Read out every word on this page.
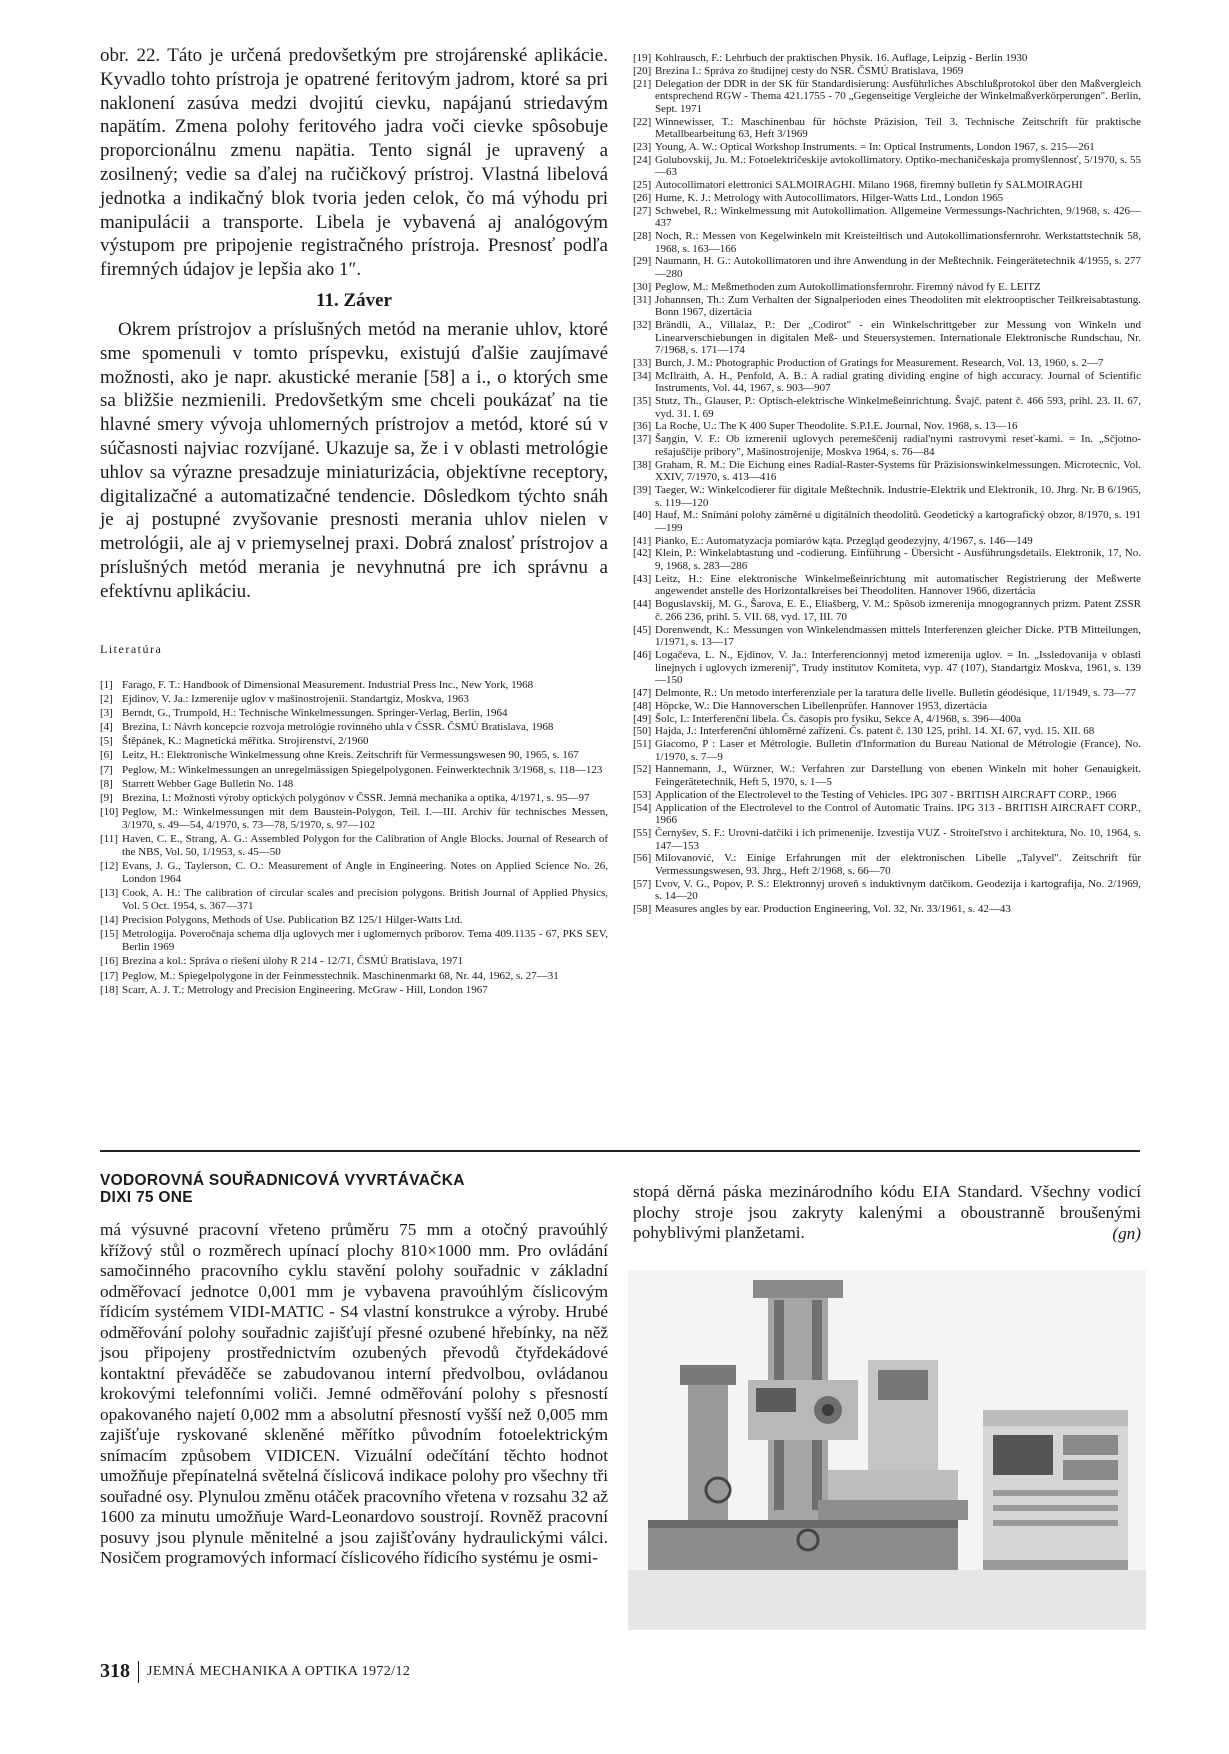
obr. 22. Táto je určená predovšetkým pre strojárenské aplikácie. Kyvadlo tohto prístroja je opatrené feritovým jadrom, ktoré sa pri naklonení zasúva medzi dvojitú cievku, napájanú striedavým napätím. Zmena polohy feritového jadra voči cievke spôsobuje proporcionálnu zmenu napätia. Tento signál je upravený a zosilnený; vedie sa ďalej na ručičkový prístroj. Vlastná libelová jednotka a indikačný blok tvoria jeden celok, čo má výhodu pri manipulácii a transporte. Libela je vybavená aj analógovým výstupom pre pripojenie registračného prístroja. Presnosť podľa firemných údajov je lepšia ako 1″.

11. Záver

Okrem prístrojov a príslušných metód na meranie uhlov, ktoré sme spomenuli v tomto príspevku, existujú ďalšie zaujímavé možnosti, ako je napr. akustické meranie [58] a i., o ktorých sme sa bližšie nezmienili. Predovšetkým sme chceli poukázať na tie hlavné smery vývoja uhlomerných prístrojov a metód, ktoré sú v súčasnosti najviac rozvíjané. Ukazuje sa, že i v oblasti metrológie uhlov sa výrazne presadzuje miniaturizácia, objektívne receptory, digitalizačné a automatizačné tendencie. Dôsledkom týchto snáh je aj postupné zvyšovanie presnosti merania uhlov nielen v metrológii, ale aj v priemyselnej praxi. Dobrá znalosť prístrojov a príslušných metód merania je nevyhnutná pre ich správnu a efektívnu aplikáciu.

Literatúra
[1] Farago, F. T.: Handbook of Dimensional Measurement. Industrial Press Inc., New York, 1968
[2] Ejdinov, V. Ja.: Izmerenije uglov v mašinostrojenii. Standartgiz, Moskva, 1963
[3] Berndt, G., Trumpold, H.: Technische Winkelmessungen. Springer-Verlag, Berlin, 1964
[4] Brezina, I.: Návrh koncepcie rozvoja metrológie rovinného uhla v ČSSR. ČSMÚ Bratislava, 1968
[5] Štěpánek, K.: Magnetická měřítka. Strojírenství, 2/1960
[6] Leitz, H.: Elektronische Winkelmessung ohne Kreis. Zeitschrift für Vermessungswesen 90, 1965, s. 167
[7] Peglow, M.: Winkelmessungen an unregelmässigen Spiegelpolygonen. Feinwerktechnik 3/1968, s. 118—123
[8] Starrett Webber Gage Bulletin No. 148
[9] Brezina, I.: Možnosti výroby optických polygónov v ČSSR. Jemná mechanika a optika, 4/1971, s. 95—97
[10] Peglow, M.: Winkelmessungen mit dem Baustein-Polygon, Teil. I.—III. Archiv für technisches Messen, 3/1970, s. 49—54, 4/1970, s. 73—78, 5/1970, s. 97—102
[11] Haven, C. E., Strang, A. G.: Assembled Polygon for the Calibration of Angle Blocks. Journal of Research of the NBS, Vol. 50, 1/1953, s. 45—50
[12] Evans, J. G., Taylerson, C. O.: Measurement of Angle in Engineering. Notes on Applied Science No. 26, London 1964
[13] Cook, A. H.: The calibration of circular scales and precision polygons. British Journal of Applied Physics, Vol. 5 Oct. 1954, s. 367—371
[14] Precision Polygons, Methods of Use. Publication BZ 125/1 Hilger-Watts Ltd.
[15] Metrologija. Poveročnaja schema dlja uglovych mer i uglomernych priborov. Tema 409.1135 - 67, PKS SEV, Berlin 1969
[16] Brezina a kol.: Správa o riešení úlohy R 214 - 12/71, ČSMÚ Bratislava, 1971
[17] Peglow, M.: Spiegelpolygone in der Feinmesstechnik. Maschinenmarkt 68, Nr. 44, 1962, s. 27—31
[18] Scarr, A. J. T.: Metrology and Precision Engineering. McGraw - Hill, London 1967
[19] Kohlrausch, F.: Lehrbuch der praktischen Physik. 16. Auflage, Leipzig - Berlin 1930
[20] Brezina I.: Správa zo študijnej cesty do NSR. ČSMÚ Bratislava, 1969
[21] Delegation der DDR in der SK für Standardisierung: Ausführliches Abschlußprotokol über den Maßvergleich entsprechend RGW - Thema 421.1755 - 70 „Gegenseitige Vergleiche der Winkelmaßverkörperungen". Berlin, Sept. 1971
[22] Winnewisser, T.: Maschinenbau für höchste Präzision, Teil 3. Technische Zeitschrift für praktische Metallbearbeitung 63, Heft 3/1969
[23] Young, A. W.: Optical Workshop Instruments. = In: Optical Instruments, London 1967, s. 215—261
[24] Golubovskij, Ju. M.: Fotoelektričeskije avtokollimatory. Optiko-mechaničeskaja promyšlennosť, 5/1970, s. 55—63
[25] Autocollimatori elettronici SALMOIRAGHI. Milano 1968, firemný bulletin fy SALMOIRAGHI
[26] Hume, K. J.: Metrology with Autocollimators. Hilger-Watts Ltd., London 1965
[27] Schwebel, R.: Winkelmessung mit Autokollimation. Allgemeine Vermessungs-Nachrichten, 9/1968, s. 426—437
[28] Noch, R.: Messen von Kegelwinkeln mit Kreisteiltisch und Autokollimationsfernrohr. Werkstattstechnik 58, 1968, s. 163—166
[29] Naumann, H. G.: Autokollimatoren und ihre Anwendung in der Meßtechnik. Feingerätetechnik 4/1955, s. 277—280
[30] Peglow, M.: Meßmethoden zum Autokollimationsfernrohr. Firemný návod fy E. LEITZ
[31] Johannsen, Th.: Zum Verhalten der Signalperioden eines Theodoliten mit elektrooptischer Teilkreisabtastung. Bonn 1967, dizertácia
[32] Brändli, A., Villalaz, P.: Der „Codirot" - ein Winkelschrittgeber zur Messung von Winkeln und Linearverschiebungen in digitalen Meß- und Steuersystemen. Internationale Elektronische Rundschau, Nr. 7/1968, s. 171—174
[33] Burch, J. M.: Photographic Production of Gratings for Measurement. Research, Vol. 13, 1960, s. 2—7
[34] McIlraith, A. H., Penfold, A. B.: A radial grating dividing engine of high accuracy. Journal of Scientific Instruments, Vol. 44, 1967, s. 903—907
[35] Stutz, Th., Glauser, P.: Optisch-elektrische Winkelmeßeinrichtung. Švajč. patent č. 466 593, prihl. 23. II. 67, vyd. 31. I. 69
[36] La Roche, U.: The K 400 Super Theodolite. S.P.I.E. Journal, Nov. 1968, s. 13—16
[37] Šaŋgin, V. F.: Ob izmerenii uglovych peremeščenij radial'nymi rastrovymi reseť-kami. = In. „Sčjotno-rešajuščije pribory", Mašinostrojenije, Moskva 1964, s. 76—84
[38] Graham, R. M.: Die Eichung eines Radial-Raster-Systems für Präzisionswinkelmessungen. Microtecnic, Vol. XXIV, 7/1970, s. 413—416
[39] Taeger, W.: Winkelcodierer für digitale Meßtechnik. Industrie-Elektrik und Elektronik, 10. Jhrg. Nr. B 6/1965, s. 119—120
[40] Hauf, M.: Snímání polohy záměrné u digitálních theodolitů. Geodetický a kartografický obzor, 8/1970, s. 191—199
[41] Pianko, E.: Automatyzacja pomiarów kąta. Przegląd geodezyjny, 4/1967, s. 146—149
[42] Klein, P.: Winkelabtastung und -codierung. Einführung - Übersicht - Ausführungsdetails. Elektronik, 17, No. 9, 1968, s. 283—286
[43] Leitz, H.: Eine elektronische Winkelmeßeinrichtung mit automatischer Registrierung der Meßwerte angewendet anstelle des Horizontalkreises bei Theodoliten. Hannover 1966, dizertácia
[44] Boguslavskij, M. G., Šarova, E. E., Eliašberg, V. M.: Spôsob izmerenija mnogogrannych prizm. Patent ZSSR č. 266 236, prihl. 5. VII. 68, vyd. 17, III. 70
[45] Dorenwendt, K.: Messungen von Winkelendmassen mittels Interferenzen gleicher Dicke. PTB Mitteilungen, 1/1971, s. 13—17
[46] Logačeva, L. N., Ejdinov, V. Ja.: Interferencionnyj metod izmerenija uglov. = In. „Issledovanija v oblasti linejnych i uglovych izmerenij", Trudy institutov Komiteta, vyp. 47 (107), Standartgiz Moskva, 1961, s. 139—150
[47] Delmonte, R.: Un metodo interferenziale per la taratura delle livelle. Bulletin géodésique, 11/1949, s. 73—77
[48] Höpcke, W.: Die Hannoverschen Libellenprüfer. Hannover 1953, dizertácia
[49] Šolc, I.: Interferenční libela. Čs. časopis pro fysiku, Sekce A, 4/1968, s. 396—400a
[50] Hajda, J.: Interferenční úhloměrné zařízení. Čs. patent č. 130 125, prihl. 14. XI. 67, vyd. 15. XII. 68
[51] Giacomo, P : Laser et Métrologie. Bulletin d'Information du Bureau National de Métrologie (France), No. 1/1970, s. 7—9
[52] Hannemann, J., Würzner, W.: Verfahren zur Darstellung von ebenen Winkeln mit hoher Genauigkeit. Feingerätetechnik, Heft 5, 1970, s. 1—5
[53] Application of the Electrolevel to the Testing of Vehicles. IPG 307 - BRITISH AIRCRAFT CORP., 1966
[54] Application of the Electrolevel to the Control of Automatic Trains. IPG 313 - BRITISH AIRCRAFT CORP., 1966
[55] Černyšev, S. F.: Urovni-datčiki i ich primenenije. Izvestija VUZ - Stroiteľstvo i architektura, No. 10, 1964, s. 147—153
[56] Milovanović, V.: Einige Erfahrungen mit der elektronischen Libelle „Talyvel". Zeitschrift für Vermessungswesen, 93. Jhrg., Heft 2/1968, s. 66—70
[57] Ľvov, V. G., Popov, P. S.: Elektronnyj uroveň s induktivnym datčikom. Geodezija i kartografija, No. 2/1969, s. 14—20
[58] Measures angles by ear. Production Engineering, Vol. 32, Nr. 33/1961, s. 42—43
VODOROVNÁ SOUŘADNICOVÁ VYVRTÁVAČKA
DIXI 75 ONE

má výsuvné pracovní vřeteno průměru 75 mm a otočný pravoúhlý křížový stůl o rozměrech upínací plochy 810×1000 mm. Pro ovládání samočinného pracovního cyklu stavění polohy souřadnic v základní odměřovací jednotce 0,001 mm je vybavena pravoúhlým číslicovým řídicím systémem VIDI-MATIC - S4 vlastní konstrukce a výroby. Hrubé odměřování polohy souřadnic zajišťují přesné ozubené hřebínky, na něž jsou připojeny prostřednictvím ozubených převodů čtyřdekádové kontaktní převáděče se zabudovanou interní předvolbou, ovládanou krokovými telefonními voliči. Jemné odměřování polohy s přesností opakovaného najetí 0,002 mm a absolutní přesností vyšší než 0,005 mm zajišťuje ryskované skleněné měřítko původním fotoelektrickým snímacím způsobem VIDICEN. Vizuální odečítání těchto hodnot umožňuje přepínatelná světelná číslicová indikace polohy pro všechny tři souřadné osy. Plynulou změnu otáček pracovního vřetena v rozsahu 32 až 1600 za minutu umožňuje Ward-Leonardovo soustrojí. Rovněž pracovní posuvy jsou plynule měnitelné a jsou zajišťovány hydraulickými válci. Nosičem programových informací číslicového řídicího systému je osmi-

stopá děrná páska mezinárodního kódu EIA Standard. Všechny vodicí plochy stroje jsou zakryty kalenými a oboustranně broušenými pohyblivými planžetami.	(gn)
318 JEMNÁ MECHANIKA A OPTIKA 1972/12
